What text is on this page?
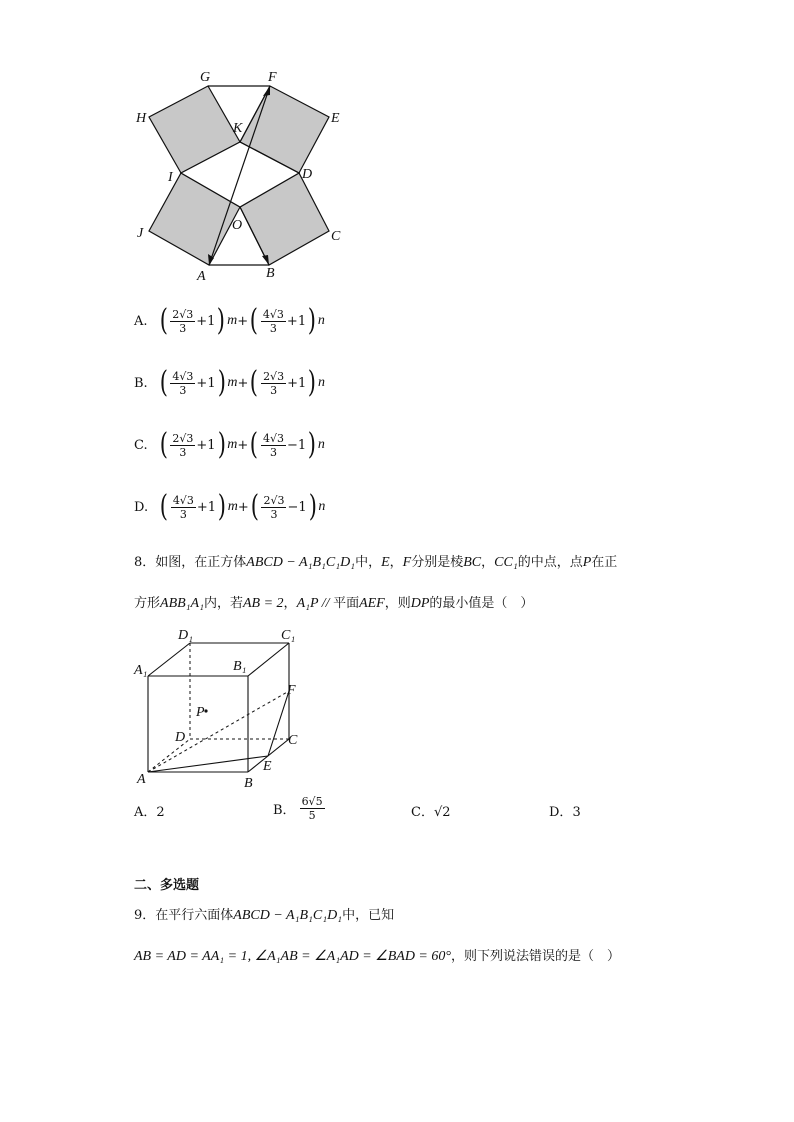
G	F
H	E
K
I	D
O
J	C
A	B
A. ( $\frac{2√3}{3} +1$ ) m + ( $\frac{4√3}{3} +1$ ) n
B. ( $\frac{4√3}{3} +1$ ) m + ( $\frac{2√3}{3} +1$ ) n
C. ( $\frac{2√3}{3} +1$ ) m + ( $\frac{4√3}{3} -1$ ) n
D. ( $\frac{4√3}{3} +1$ ) m + ( $\frac{2√3}{3} -1$ ) n
8．如图，在正方体ABCD − A₁B₁C₁D₁中，E，F分别是棱BC，CC₁的中点，点P在正
方形ABB₁A₁内，若AB = 2，A₁P // 平面AEF，则DP的最小值是（　）
D₁	C₁
A₁	B₁
F
P
D	C
A
E
B
A．2	B． $\frac{6√5}{5}$	C．√2	D．3
二、多选题
9．在平行六面体ABCD − A₁B₁C₁D₁中，已知
AB = AD = AA₁ = 1, ∠A₁AB = ∠A₁AD = ∠BAD = 60°，则下列说法错误的是（　）
